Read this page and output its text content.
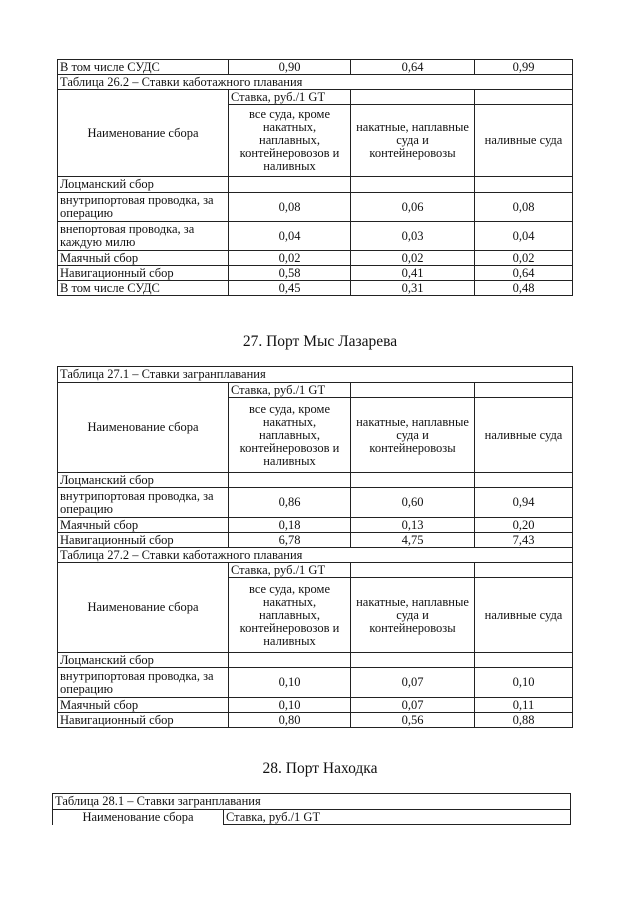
В том числе СУДС	0,90	0,64	0,99
Таблица 26.2 – Ставки каботажного плавания			
Наименование сбора	Ставка, руб./1 GT		
	все суда, кроме накатных, наплавных, контейнеровозов и наливных	накатные, наплавные суда и контейнеровозы	наливные суда
Лоцманский сбор			
внутрипортовая проводка, за операцию	0,08	0,06	0,08
внепортовая проводка, за каждую милю	0,04	0,03	0,04
Маячный сбор	0,02	0,02	0,02
Навигационный сбор	0,58	0,41	0,64
В том числе СУДС	0,45	0,31	0,48
27. Порт Мыс Лазарева
Таблица 27.1 – Ставки загранплавания			
Наименование сбора	Ставка, руб./1 GT		
	все суда, кроме накатных, наплавных, контейнеровозов и наливных	накатные, наплавные суда и контейнеровозы	наливные суда
Лоцманский сбор			
внутрипортовая проводка, за операцию	0,86	0,60	0,94
Маячный сбор	0,18	0,13	0,20
Навигационный сбор	6,78	4,75	7,43
Таблица 27.2 – Ставки каботажного плавания			
Наименование сбора	Ставка, руб./1 GT		
	все суда, кроме накатных, наплавных, контейнеровозов и наливных	накатные, наплавные суда и контейнеровозы	наливные суда
Лоцманский сбор			
внутрипортовая проводка, за операцию	0,10	0,07	0,10
Маячный сбор	0,10	0,07	0,11
Навигационный сбор	0,80	0,56	0,88
28. Порт Находка
Таблица 28.1 – Ставки загранплавания
Наименование сбора	Ставка, руб./1 GT
